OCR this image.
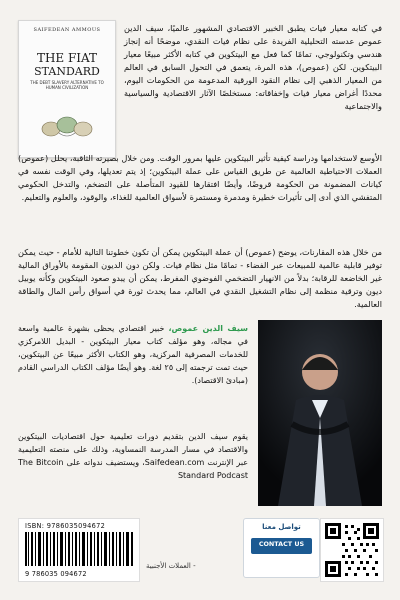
SAIFEDEAN AMMOUS
THE FIAT
STANDARD
THE DEBT SLAVERY ALTERNATIVE TO HUMAN CIVILIZATION
في كتابه معيار فيات يطبق الخبير الاقتصادي المشهور عالميًا، سيف الدين عموص عدسته التحليلية الفريدة على نظام فيات النقدي، موضحًا أنه إنجاز هندسي وتكنولوجي، تمامًا كما فعل مع البيتكوين في كتابه الأكثر مبيعًا معيار البيتكوين. لكن (عموص)، هذه المرة، يتعمق في التحول السابق في العالم من المعيار الذهبي إلى نظام النقود الورقية المدعومة من الحكومات اليوم، محددًا أغراض معيار فيات وإخفاقاته: مستخلصًا الآثار الاقتصادية والسياسية والاجتماعية
الأوسع لاستخدامها ودراسة كيفية تأثير البيتكوين عليها بمرور الوقت. ومن خلال بصيرته الثاقبة، يحلل (عموص) العملات الاحتياطية العالمية عن طريق القياس على عملة البيتكوين؛ إذ يتم تعديلها، وفي الوقت نفسه في كيانات المضمونة من الحكومة قروضًا، وأيضًا افتقارها للقيود المتأصلة على التضخم، والتدخل الحكومي المتفشي الذي أدى إلى تأثيرات خطيرة ومدمرة ومستمرة لأسواق العالمية للغذاء، والوقود، والعلوم والتعليم.
من خلال هذه المقارنات، يوضح (عموص) أن عملة البيتكوين يمكن أن تكون خطوتنا التالية للأمام - حيث يمكن توفير قابلية عالمية للمبيعات عبر الفضاء - تمامًا مثل نظام فيات. ولكن دون الديون المقومة بالأوراق المالية غير الخاضعة للرقابة؛ بدلاً من الانهيار التضخمي الفوضوي المفرط، يمكن أن يبدو صعود البيتكوين وكأنه يوبيل ديون وترقية منظمة إلى نظام التشغيل النقدي في العالم، مما يحدث ثورة في أسواق رأس المال والطاقة العالمية.
سيف الدين عموص، خبير اقتصادي يحظى بشهرة عالمية واسعة في مجاله، وهو مؤلف كتاب معيار البيتكوين - البديل اللامركزي للخدمات المصرفية المركزية، وهو الكتاب الأكثر مبيعًا عن البيتكوين، حيث تمت ترجمته إلى ٢٥ لغة. وهو أيضًا مؤلف الكتاب الدراسي القادم (مبادئ الاقتصاد).
يقوم سيف الدين بتقديم دورات تعليمية حول اقتصاديات البيتكوين والاقتصاد في مسار المدرسة النمساوية، وذلك على منصته التعليمية عبر الإنترنت Saifedean.com، ويستضيف ندواته على The Bitcoin Standard Podcast
ISBN: 9786035094672
9 786035 094672
- العملات الأجنبية
تواصل معنا
CONTACT US
